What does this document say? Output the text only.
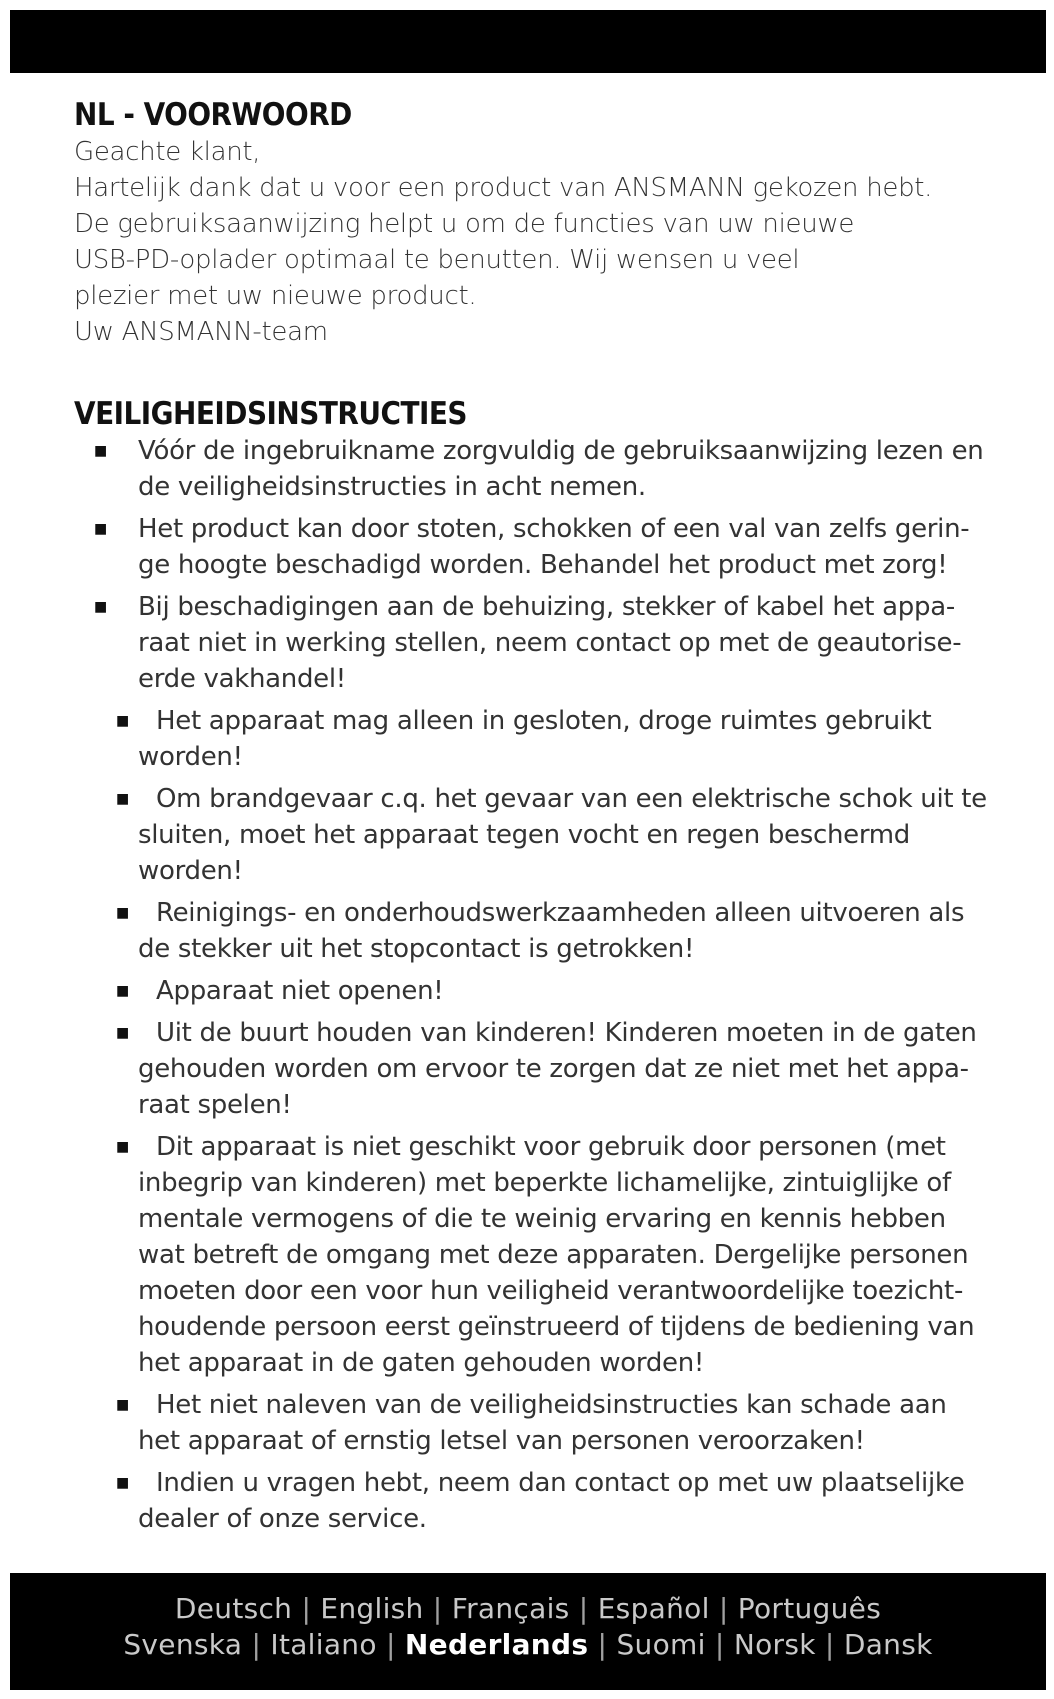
NL - VOORWOORD

Geachte klant,

Hartelijk dank dat u voor een product van ANSMANN gekozen hebt.

De gebruiksaanwijzing helpt u om de functies van uw nieuwe USB-PD-oplader optimaal te benutten. Wij wensen u veel plezier met uw nieuwe product.

Uw ANSMANN-team

VEILIGHEIDSINSTRUCTIES
■ Vóór de ingebruikname zorgvuldig de gebruiksaanwijzing lezen en de veiligheidsinstructies in acht nemen.
■ Het product kan door stoten, schokken of een val van zelfs gerin-ge hoogte beschadigd worden. Behandel het product met zorg!
■ Bij beschadigingen aan de behuizing, stekker of kabel het appa-raat niet in werking stellen, neem contact op met de geautorise-erde vakhandel!
■ Het apparaat mag alleen in gesloten, droge ruimtes gebruikt worden!
■ Om brandgevaar c.q. het gevaar van een elektrische schok uit te sluiten, moet het apparaat tegen vocht en regen beschermd worden!
■ Reinigings- en onderhoudswerkzaamheden alleen uitvoeren als de stekker uit het stopcontact is getrokken!
■ Apparaat niet openen!
■ Uit de buurt houden van kinderen! Kinderen moeten in de gaten gehouden worden om ervoor te zorgen dat ze niet met het appa-raat spelen!
■ Dit apparaat is niet geschikt voor gebruik door personen (met inbegrip van kinderen) met beperkte lichamelijke, zintuiglijke of mentale vermogens of die te weinig ervaring en kennis hebben wat betreft de omgang met deze apparaten. Dergelijke personen moeten door een voor hun veiligheid verantwoordelijke toezicht-houdende persoon eerst geïnstrueerd of tijdens de bediening van het apparaat in de gaten gehouden worden!
■ Het niet naleven van de veiligheidsinstructies kan schade aan het apparaat of ernstig letsel van personen veroorzaken!
■ Indien u vragen hebt, neem dan contact op met uw plaatselijke dealer of onze service.
Deutsch | English | Français | Español | Português
Svenska | Italiano | Nederlands | Suomi | Norsk | Dansk
